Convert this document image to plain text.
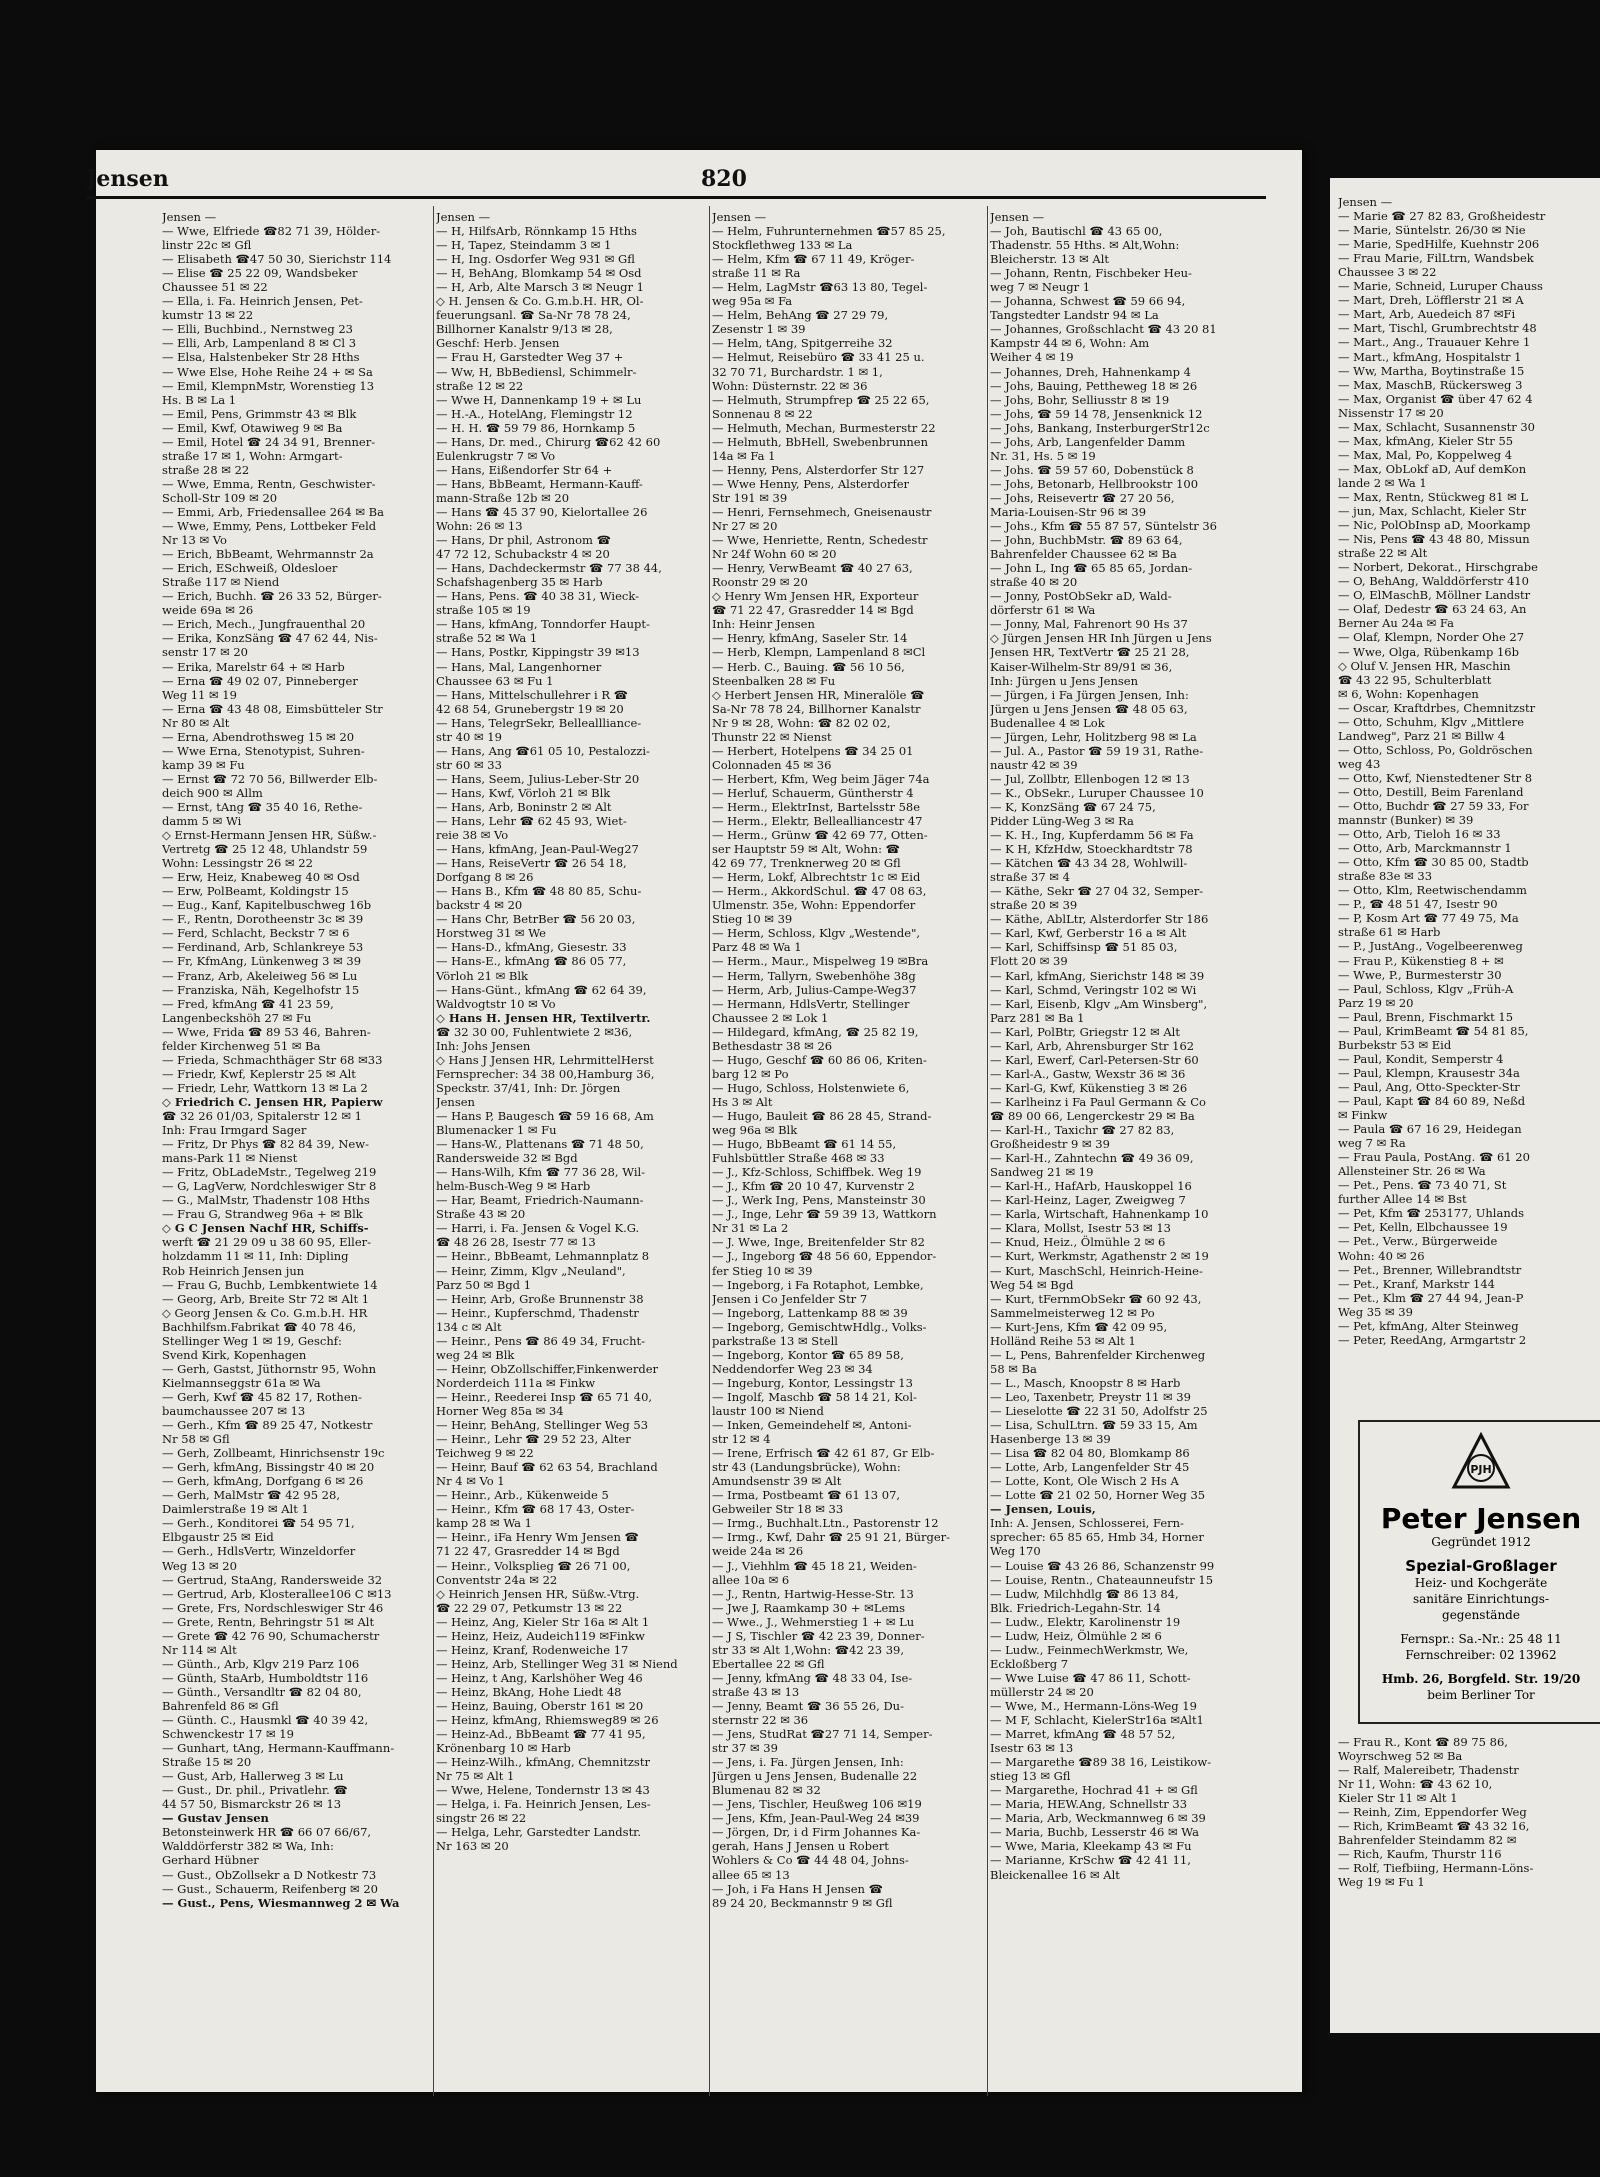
Jensen	820
Jensen —
— Wwe, Elfriede ☎82 71 39, Hölder-
linstr 22c ✉ Gfl
— Elisabeth ☎47 50 30, Sierichstr 114
— Elise ☎ 25 22 09, Wandsbeker
Chaussee 51 ✉ 22
— Ella, i. Fa. Heinrich Jensen, Pet-
kumstr 13 ✉ 22
— Elli, Buchbind., Nernstweg 23
— Elli, Arb, Lampenland 8 ✉ Cl 3
— Elsa, Halstenbeker Str 28 Hths
— Wwe Else, Hohe Reihe 24 + ✉ Sa
— Emil, KlempnMstr, Worenstieg 13
Hs. B ✉ La 1
— Emil, Pens, Grimmstr 43 ✉ Blk
— Emil, Kwf, Otawiweg 9 ✉ Ba
— Emil, Hotel ☎ 24 34 91, Brenner-
straße 17 ✉ 1, Wohn: Armgart-
straße 28 ✉ 22
— Wwe, Emma, Rentn, Geschwister-
Scholl-Str 109 ✉ 20
— Emmi, Arb, Friedensallee 264 ✉ Ba
— Wwe, Emmy, Pens, Lottbeker Feld
Nr 13 ✉ Vo
— Erich, BbBeamt, Wehrmannstr 2a
— Erich, ESchweiß, Oldesloer
Straße 117 ✉ Niend
— Erich, Buchh. ☎ 26 33 52, Bürger-
weide 69a ✉ 26
— Erich, Mech., Jungfrauenthal 20
— Erika, KonzSäng ☎ 47 62 44, Nis-
senstr 17 ✉ 20
— Erika, Marelstr 64 + ✉ Harb
— Erna ☎ 49 02 07, Pinneberger
Weg 11 ✉ 19
— Erna ☎ 43 48 08, Eimsbütteler Str
Nr 80 ✉ Alt
— Erna, Abendrothsweg 15 ✉ 20
— Wwe Erna, Stenotypist, Suhren-
kamp 39 ✉ Fu
— Ernst ☎ 72 70 56, Billwerder Elb-
deich 900 ✉ Allm
— Ernst, tAng ☎ 35 40 16, Rethe-
damm 5 ✉ Wi
◇ Ernst-Hermann Jensen HR, Süßw.-
Vertretg ☎ 25 12 48, Uhlandstr 59
Wohn: Lessingstr 26 ✉ 22
— Erw, Heiz, Knabeweg 40 ✉ Osd
— Erw, PolBeamt, Koldingstr 15
— Eug., Kanf, Kapitelbuschweg 16b
— F., Rentn, Dorotheenstr 3c ✉ 39
— Ferd, Schlacht, Beckstr 7 ✉ 6
— Ferdinand, Arb, Schlankreye 53
— Fr, KfmAng, Lünkenweg 3 ✉ 39
— Franz, Arb, Akeleiweg 56 ✉ Lu
— Franziska, Näh, Kegelhofstr 15
— Fred, kfmAng ☎ 41 23 59,
Langenbeckshöh 27 ✉ Fu
— Wwe, Frida ☎ 89 53 46, Bahren-
felder Kirchenweg 51 ✉ Ba
— Frieda, Schmachthäger Str 68 ✉33
— Friedr, Kwf, Keplerstr 25 ✉ Alt
— Friedr, Lehr, Wattkorn 13 ✉ La 2
◇ Friedrich C. Jensen HR, Papierw
☎ 32 26 01/03, Spitalerstr 12 ✉ 1
Inh: Frau Irmgard Sager
— Fritz, Dr Phys ☎ 82 84 39, New-
mans-Park 11 ✉ Nienst
— Fritz, ObLadeMstr., Tegelweg 219
— G, LagVerw, Nordchleswiger Str 8
— G., MalMstr, Thadenstr 108 Hths
— Frau G, Strandweg 96a + ✉ Blk
◇ G C Jensen Nachf HR, Schiffs-
werft ☎ 21 29 09 u 38 60 95, Eller-
holzdamm 11 ✉ 11, Inh: Dipling
Rob Heinrich Jensen jun
— Frau G, Buchb, Lembkentwiete 14
— Georg, Arb, Breite Str 72 ✉ Alt 1
◇ Georg Jensen & Co. G.m.b.H. HR
Bachhilfsm.Fabrikat ☎ 40 78 46,
Stellinger Weg 1 ✉ 19, Geschf:
Svend Kirk, Kopenhagen
— Gerh, Gastst, Jüthornstr 95, Wohn
Kielmannseggstr 61a ✉ Wa
— Gerh, Kwf ☎ 45 82 17, Rothen-
baumchaussee 207 ✉ 13
— Gerh., Kfm ☎ 89 25 47, Notkestr
Nr 58 ✉ Gfl
— Gerh, Zollbeamt, Hinrichsenstr 19c
— Gerh, kfmAng, Bissingstr 40 ✉ 20
— Gerh, kfmAng, Dorfgang 6 ✉ 26
— Gerh, MalMstr ☎ 42 95 28,
Daimlerstraße 19 ✉ Alt 1
— Gerh., Konditorei ☎ 54 95 71,
Elbgaustr 25 ✉ Eid
— Gerh., HdlsVertr, Winzeldorfer
Weg 13 ✉ 20
— Gertrud, StaAng, Randersweide 32
— Gertrud, Arb, Klosterallee106 C ✉13
— Grete, Frs, Nordschleswiger Str 46
— Grete, Rentn, Behringstr 51 ✉ Alt
— Grete ☎ 42 76 90, Schumacherstr
Nr 114 ✉ Alt
— Günth., Arb, Klgv 219 Parz 106
— Günth, StaArb, Humboldtstr 116
— Günth., Versandltr ☎ 82 04 80,
Bahrenfeld 86 ✉ Gfl
— Günth. C., Hausmkl ☎ 40 39 42,
Schwenckestr 17 ✉ 19
— Gunhart, tAng, Hermann-Kauffmann-
Straße 15 ✉ 20
— Gust, Arb, Hallerweg 3 ✉ Lu
— Gust., Dr. phil., Privatlehr. ☎
44 57 50, Bismarckstr 26 ✉ 13
— Gustav Jensen
Betonsteinwerk HR ☎ 66 07 66/67,
Walddörferstr 382 ✉ Wa, Inh:
Gerhard Hübner
— Gust., ObZollsekr a D Notkestr 73
— Gust., Schauerm, Reifenberg ✉ 20
— Gust., Pens, Wiesmannweg 2 ✉ Wa
Jensen —
— H, HilfsArb, Rönnkamp 15 Hths
— H, Tapez, Steindamm 3 ✉ 1
— H, Ing. Osdorfer Weg 931 ✉ Gfl
— H, BehAng, Blomkamp 54 ✉ Osd
— H, Arb, Alte Marsch 3 ✉ Neugr 1
◇ H. Jensen & Co. G.m.b.H. HR, Ol-
feuerungsanl. ☎ Sa-Nr 78 78 24,
Billhorner Kanalstr 9/13 ✉ 28,
Geschf: Herb. Jensen
— Frau H, Garstedter Weg 37 +
— Ww, H, BbBediensl, Schimmelr-
straße 12 ✉ 22
— Wwe H, Dannenkamp 19 + ✉ Lu
— H.-A., HotelAng, Flemingstr 12
— H. H. ☎ 59 79 86, Hornkamp 5
— Hans, Dr. med., Chirurg ☎62 42 60
Eulenkrugstr 7 ✉ Vo
— Hans, Eißendorfer Str 64 +
— Hans, BbBeamt, Hermann-Kauff-
mann-Straße 12b ✉ 20
— Hans ☎ 45 37 90, Kielortallee 26
Wohn: 26 ✉ 13
— Hans, Dr phil, Astronom ☎
47 72 12, Schubackstr 4 ✉ 20
— Hans, Dachdeckermstr ☎ 77 38 44,
Schafshagenberg 35 ✉ Harb
— Hans, Pens. ☎ 40 38 31, Wieck-
straße 105 ✉ 19
— Hans, kfmAng, Tonndorfer Haupt-
straße 52 ✉ Wa 1
— Hans, Postkr, Kippingstr 39 ✉13
— Hans, Mal, Langenhorner
Chaussee 63 ✉ Fu 1
— Hans, Mittelschullehrer i R ☎
42 68 54, Grunebergstr 19 ✉ 20
— Hans, TelegrSekr, Belleallliance-
str 40 ✉ 19
— Hans, Ang ☎61 05 10, Pestalozzi-
str 60 ✉ 33
— Hans, Seem, Julius-Leber-Str 20
— Hans, Kwf, Vörloh 21 ✉ Blk
— Hans, Arb, Boninstr 2 ✉ Alt
— Hans, Lehr ☎ 62 45 93, Wiet-
reie 38 ✉ Vo
— Hans, kfmAng, Jean-Paul-Weg27
— Hans, ReiseVertr ☎ 26 54 18,
Dorfgang 8 ✉ 26
— Hans B., Kfm ☎ 48 80 85, Schu-
backstr 4 ✉ 20
— Hans Chr, BetrBer ☎ 56 20 03,
Horstweg 31 ✉ We
— Hans-D., kfmAng, Giesestr. 33
— Hans-E., kfmAng ☎ 86 05 77,
Vörloh 21 ✉ Blk
— Hans-Günt., kfmAng ☎ 62 64 39,
Waldvogtstr 10 ✉ Vo
◇ Hans H. Jensen HR, Textilvertr.
☎ 32 30 00, Fuhlentwiete 2 ✉36,
Inh: Johs Jensen
◇ Hans J Jensen HR, LehrmittelHerst
Fernsprecher: 34 38 00,Hamburg 36,
Speckstr. 37/41, Inh: Dr. Jörgen
Jensen
— Hans P, Baugesch ☎ 59 16 68, Am
Blumenacker 1 ✉ Fu
— Hans-W., Plattenans ☎ 71 48 50,
Randersweide 32 ✉ Bgd
— Hans-Wilh, Kfm ☎ 77 36 28, Wil-
helm-Busch-Weg 9 ✉ Harb
— Har, Beamt, Friedrich-Naumann-
Straße 43 ✉ 20
— Harri, i. Fa. Jensen & Vogel K.G.
☎ 48 26 28, Isestr 77 ✉ 13
— Heinr., BbBeamt, Lehmannplatz 8
— Heinr, Zimm, Klgv „Neuland",
Parz 50 ✉ Bgd 1
— Heinr, Arb, Große Brunnenstr 38
— Heinr., Kupferschmd, Thadenstr
134 c ✉ Alt
— Heinr., Pens ☎ 86 49 34, Frucht-
weg 24 ✉ Blk
— Heinr, ObZollschiffer,Finkenwerder
Norderdeich 111a ✉ Finkw
— Heinr., Reederei Insp ☎ 65 71 40,
Horner Weg 85a ✉ 34
— Heinr, BehAng, Stellinger Weg 53
— Heinr., Lehr ☎ 29 52 23, Alter
Teichweg 9 ✉ 22
— Heinr, Bauf ☎ 62 63 54, Brachland
Nr 4 ✉ Vo 1
— Heinr., Arb., Kükenweide 5
— Heinr., Kfm ☎ 68 17 43, Oster-
kamp 28 ✉ Wa 1
— Heinr., iFa Henry Wm Jensen ☎
71 22 47, Grasredder 14 ✉ Bgd
— Heinr., Volksplieg ☎ 26 71 00,
Conventstr 24a ✉ 22
◇ Heinrich Jensen HR, Süßw.-Vtrg.
☎ 22 29 07, Petkumstr 13 ✉ 22
— Heinz, Ang, Kieler Str 16a ✉ Alt 1
— Heinz, Heiz, Audeich119 ✉Finkw
— Heinz, Kranf, Rodenweiche 17
— Heinz, Arb, Stellinger Weg 31 ✉ Niend
— Heinz, t Ang, Karlshöher Weg 46
— Heinz, BkAng, Hohe Liedt 48
— Heinz, Bauing, Oberstr 161 ✉ 20
— Heinz, kfmAng, Rhiemsweg89 ✉ 26
— Heinz-Ad., BbBeamt ☎ 77 41 95,
Krönenbarg 10 ✉ Harb
— Heinz-Wilh., kfmAng, Chemnitzstr
Nr 75 ✉ Alt 1
— Wwe, Helene, Tondernstr 13 ✉ 43
— Helga, i. Fa. Heinrich Jensen, Les-
singstr 26 ✉ 22
— Helga, Lehr, Garstedter Landstr.
Nr 163 ✉ 20
Jensen —
— Helm, Fuhrunternehmen ☎57 85 25,
Stockflethweg 133 ✉ La
— Helm, Kfm ☎ 67 11 49, Kröger-
straße 11 ✉ Ra
— Helm, LagMstr ☎63 13 80, Tegel-
weg 95a ✉ Fa
— Helm, BehAng ☎ 27 29 79,
Zesenstr 1 ✉ 39
— Helm, tAng, Spitgerreihe 32
— Helmut, Reisebüro ☎ 33 41 25 u.
32 70 71, Burchardstr. 1 ✉ 1,
Wohn: Düsternstr. 22 ✉ 36
— Helmuth, Strumpfrep ☎ 25 22 65,
Sonnenau 8 ✉ 22
— Helmuth, Mechan, Burmesterstr 22
— Helmuth, BbHell, Swebenbrunnen
14a ✉ Fa 1
— Henny, Pens, Alsterdorfer Str 127
— Wwe Henny, Pens, Alsterdorfer
Str 191 ✉ 39
— Henri, Fernsehmech, Gneisenaustr
Nr 27 ✉ 20
— Wwe, Henriette, Rentn, Schedestr
Nr 24f Wohn 60 ✉ 20
— Henry, VerwBeamt ☎ 40 27 63,
Roonstr 29 ✉ 20
◇ Henry Wm Jensen HR, Exporteur
☎ 71 22 47, Grasredder 14 ✉ Bgd
Inh: Heinr Jensen
— Henry, kfmAng, Saseler Str. 14
— Herb, Klempn, Lampenland 8 ✉Cl
— Herb. C., Bauing. ☎ 56 10 56,
Steenbalken 28 ✉ Fu
◇ Herbert Jensen HR, Mineralöle ☎
Sa-Nr 78 78 24, Billhorner Kanalstr
Nr 9 ✉ 28, Wohn: ☎ 82 02 02,
Thunstr 22 ✉ Nienst
— Herbert, Hotelpens ☎ 34 25 01
Colonnaden 45 ✉ 36
— Herbert, Kfm, Weg beim Jäger 74a
— Herluf, Schauerm, Güntherstr 4
— Herm., ElektrInst, Bartelsstr 58e
— Herm., Elektr, Bellealliancestr 47
— Herm., Grünw ☎ 42 69 77, Otten-
ser Hauptstr 59 ✉ Alt, Wohn: ☎
42 69 77, Trenknerweg 20 ✉ Gfl
— Herm, Lokf, Albrechtstr 1c ✉ Eid
— Herm., AkkordSchul. ☎ 47 08 63,
Ulmenstr. 35e, Wohn: Eppendorfer
Stieg 10 ✉ 39
— Herm, Schloss, Klgv „Westende",
Parz 48 ✉ Wa 1
— Herm., Maur., Mispelweg 19 ✉Bra
— Herm, Tallyrn, Swebenhöhe 38g
— Herm, Arb, Julius-Campe-Weg37
— Hermann, HdlsVertr, Stellinger
Chaussee 2 ✉ Lok 1
— Hildegard, kfmAng, ☎ 25 82 19,
Bethesdastr 38 ✉ 26
— Hugo, Geschf ☎ 60 86 06, Kriten-
barg 12 ✉ Po
— Hugo, Schloss, Holstenwiete 6,
Hs 3 ✉ Alt
— Hugo, Bauleit ☎ 86 28 45, Strand-
weg 96a ✉ Blk
— Hugo, BbBeamt ☎ 61 14 55,
Fuhlsbüttler Straße 468 ✉ 33
— J., Kfz-Schloss, Schiffbek. Weg 19
— J., Kfm ☎ 20 10 47, Kurvenstr 2
— J., Werk Ing, Pens, Mansteinstr 30
— J., Inge, Lehr ☎ 59 39 13, Wattkorn
Nr 31 ✉ La 2
— J. Wwe, Inge, Breitenfelder Str 82
— J., Ingeborg ☎ 48 56 60, Eppendor-
fer Stieg 10 ✉ 39
— Ingeborg, i Fa Rotaphot, Lembke,
Jensen i Co Jenfelder Str 7
— Ingeborg, Lattenkamp 88 ✉ 39
— Ingeborg, GemischtwHdlg., Volks-
parkstraße 13 ✉ Stell
— Ingeborg, Kontor ☎ 65 89 58,
Neddendorfer Weg 23 ✉ 34
— Ingeburg, Kontor, Lessingstr 13
— Ingolf, Maschb ☎ 58 14 21, Kol-
laustr 100 ✉ Niend
— Inken, Gemeindehelf ✉, Antoni-
str 12 ✉ 4
— Irene, Erfrisch ☎ 42 61 87, Gr Elb-
str 43 (Landungsbrücke), Wohn:
Amundsenstr 39 ✉ Alt
— Irma, Postbeamt ☎ 61 13 07,
Gebweiler Str 18 ✉ 33
— Irmg., Buchhalt.Ltn., Pastorenstr 12
— Irmg., Kwf, Dahr ☎ 25 91 21, Bürger-
weide 24a ✉ 26
— J., Viehhlm ☎ 45 18 21, Weiden-
allee 10a ✉ 6
— J., Rentn, Hartwig-Hesse-Str. 13
— Jwe J, Raamkamp 30 + ✉Lems
— Wwe., J., Wehmerstieg 1 + ✉ Lu
— J S, Tischler ☎ 42 23 39, Donner-
str 33 ✉ Alt 1,Wohn: ☎42 23 39,
Ebertallee 22 ✉ Gfl
— Jenny, kfmAng ☎ 48 33 04, Ise-
straße 43 ✉ 13
— Jenny, Beamt ☎ 36 55 26, Du-
sternstr 22 ✉ 36
— Jens, StudRat ☎27 71 14, Semper-
str 37 ✉ 39
— Jens, i. Fa. Jürgen Jensen, Inh:
Jürgen u Jens Jensen, Budenalle 22
Blumenau 82 ✉ 32
— Jens, Tischler, Heußweg 106 ✉19
— Jens, Kfm, Jean-Paul-Weg 24 ✉39
— Jörgen, Dr, i d Firm Johannes Ka-
gerah, Hans J Jensen u Robert
Wohlers & Co ☎ 44 48 04, Johns-
allee 65 ✉ 13
— Joh, i Fa Hans H Jensen ☎
89 24 20, Beckmannstr 9 ✉ Gfl
Jensen —
— Joh, Bautischl ☎ 43 65 00,
Thadenstr. 55 Hths. ✉ Alt,Wohn:
Bleicherstr. 13 ✉ Alt
— Johann, Rentn, Fischbeker Heu-
weg 7 ✉ Neugr 1
— Johanna, Schwest ☎ 59 66 94,
Tangstedter Landstr 94 ✉ La
— Johannes, Großschlacht ☎ 43 20 81
Kampstr 44 ✉ 6, Wohn: Am
Weiher 4 ✉ 19
— Johannes, Dreh, Hahnenkamp 4
— Johs, Bauing, Pettheweg 18 ✉ 26
— Johs, Bohr, Selliusstr 8 ✉ 19
— Johs, ☎ 59 14 78, Jensenknick 12
— Johs, Bankang, InsterburgerStr12c
— Johs, Arb, Langenfelder Damm
Nr. 31, Hs. 5 ✉ 19
— Johs. ☎ 59 57 60, Dobenstück 8
— Johs, Betonarb, Hellbrookstr 100
— Johs, Reisevertr ☎ 27 20 56,
Maria-Louisen-Str 96 ✉ 39
— Johs., Kfm ☎ 55 87 57, Süntelstr 36
— John, BuchbMstr. ☎ 89 63 64,
Bahrenfelder Chaussee 62 ✉ Ba
— John L, Ing ☎ 65 85 65, Jordan-
straße 40 ✉ 20
— Jonny, PostObSekr aD, Wald-
dörferstr 61 ✉ Wa
— Jonny, Mal, Fahrenort 90 Hs 37
◇ Jürgen Jensen HR Inh Jürgen u Jens
Jensen HR, TextVertr ☎ 25 21 28,
Kaiser-Wilhelm-Str 89/91 ✉ 36,
Inh: Jürgen u Jens Jensen
— Jürgen, i Fa Jürgen Jensen, Inh:
Jürgen u Jens Jensen ☎ 48 05 63,
Budenallee 4 ✉ Lok
— Jürgen, Lehr, Holitzberg 98 ✉ La
— Jul. A., Pastor ☎ 59 19 31, Rathe-
naustr 42 ✉ 39
— Jul, Zollbtr, Ellenbogen 12 ✉ 13
— K., ObSekr., Luruper Chaussee 10
— K, KonzSäng ☎ 67 24 75,
Pidder Lüng-Weg 3 ✉ Ra
— K. H., Ing, Kupferdamm 56 ✉ Fa
— K H, KfzHdw, Stoeckhardtstr 78
— Kätchen ☎ 43 34 28, Wohlwill-
straße 37 ✉ 4
— Käthe, Sekr ☎ 27 04 32, Semper-
straße 20 ✉ 39
— Käthe, AblLtr, Alsterdorfer Str 186
— Karl, Kwf, Gerberstr 16 a ✉ Alt
— Karl, Schiffsinsp ☎ 51 85 03,
Flott 20 ✉ 39
— Karl, kfmAng, Sierichstr 148 ✉ 39
— Karl, Schmd, Veringstr 102 ✉ Wi
— Karl, Eisenb, Klgv „Am Winsberg",
Parz 281 ✉ Ba 1
— Karl, PolBtr, Griegstr 12 ✉ Alt
— Karl, Arb, Ahrensburger Str 162
— Karl, Ewerf, Carl-Petersen-Str 60
— Karl-A., Gastw, Wexstr 36 ✉ 36
— Karl-G, Kwf, Kükenstieg 3 ✉ 26
— Karlheinz i Fa Paul Germann & Co
☎ 89 00 66, Lengerckestr 29 ✉ Ba
— Karl-H., Taxichr ☎ 27 82 83,
Großheidestr 9 ✉ 39
— Karl-H., Zahntechn ☎ 49 36 09,
Sandweg 21 ✉ 19
— Karl-H., HafArb, Hauskoppel 16
— Karl-Heinz, Lager, Zweigweg 7
— Karla, Wirtschaft, Hahnenkamp 10
— Klara, Mollst, Isestr 53 ✉ 13
— Knud, Heiz., Ölmühle 2 ✉ 6
— Kurt, Werkmstr, Agathenstr 2 ✉ 19
— Kurt, MaschSchl, Heinrich-Heine-
Weg 54 ✉ Bgd
— Kurt, tFernmObSekr ☎ 60 92 43,
Sammelmeisterweg 12 ✉ Po
— Kurt-Jens, Kfm ☎ 42 09 95,
Holländ Reihe 53 ✉ Alt 1
— L, Pens, Bahrenfelder Kirchenweg
58 ✉ Ba
— L., Masch, Knoopstr 8 ✉ Harb
— Leo, Taxenbetr, Preystr 11 ✉ 39
— Lieselotte ☎ 22 31 50, Adolfstr 25
— Lisa, SchulLtrn. ☎ 59 33 15, Am
Hasenberge 13 ✉ 39
— Lisa ☎ 82 04 80, Blomkamp 86
— Lotte, Arb, Langenfelder Str 45
— Lotte, Kont, Ole Wisch 2 Hs A
— Lotte ☎ 21 02 50, Horner Weg 35
— Jensen, Louis,
Inh: A. Jensen, Schlosserei, Fern-
sprecher: 65 85 65, Hmb 34, Horner
Weg 170
— Louise ☎ 43 26 86, Schanzenstr 99
— Louise, Rentn., Chateaunneufstr 15
— Ludw, Milchhdlg ☎ 86 13 84,
Blk. Friedrich-Legahn-Str. 14
— Ludw., Elektr, Karolinenstr 19
— Ludw, Heiz, Ölmühle 2 ✉ 6
— Ludw., FeinmechWerkmstr, We,
Eckloßberg 7
— Wwe Luise ☎ 47 86 11, Schott-
müllerstr 24 ✉ 20
— Wwe, M., Hermann-Löns-Weg 19
— M F, Schlacht, KielerStr16a ✉Alt1
— Marret, kfmAng ☎ 48 57 52,
Isestr 63 ✉ 13
— Margarethe ☎89 38 16, Leistikow-
stieg 13 ✉ Gfl
— Margarethe, Hochrad 41 + ✉ Gfl
— Maria, HEW.Ang, Schnellstr 33
— Maria, Arb, Weckmannweg 6 ✉ 39
— Maria, Buchb, Lesserstr 46 ✉ Wa
— Wwe, Maria, Kleekamp 43 ✉ Fu
— Marianne, KrSchw ☎ 42 41 11,
Bleickenallee 16 ✉ Alt
Jensen —
— Marie ☎ 27 82 83, Großheidestr
— Marie, Süntelstr. 26/30 ✉ Nie
— Marie, SpedHilfe, Kuehnstr 206
— Frau Marie, FilLtrn, Wandsbek
Chaussee 3 ✉ 22
— Marie, Schneid, Luruper Chauss
— Mart, Dreh, Löfflerstr 21 ✉ A
— Mart, Arb, Auedeich 87 ✉Fi
— Mart, Tischl, Grumbrechtstr 48
— Mart., Ang., Trauauer Kehre 1
— Mart., kfmAng, Hospitalstr 1
— Ww, Martha, Boytinstraße 15
— Max, MaschB, Rückersweg 3
— Max, Organist ☎ über 47 62 4
Nissenstr 17 ✉ 20
— Max, Schlacht, Susannenstr 30
— Max, kfmAng, Kieler Str 55
— Max, Mal, Po, Koppelweg 4
— Max, ObLokf aD, Auf demKon
lande 2 ✉ Wa 1
— Max, Rentn, Stückweg 81 ✉ L
— jun, Max, Schlacht, Kieler Str
— Nic, PolObInsp aD, Moorkamp
— Nis, Pens ☎ 43 48 80, Missun
straße 22 ✉ Alt
— Norbert, Dekorat., Hirschgrabe
— O, BehAng, Walddörferstr 410
— O, ElMaschB, Möllner Landstr
— Olaf, Dedestr ☎ 63 24 63, An
Berner Au 24a ✉ Fa
— Olaf, Klempn, Norder Ohe 27
— Wwe, Olga, Rübenkamp 16b
◇ Oluf V. Jensen HR, Maschin
☎ 43 22 95, Schulterblatt
✉ 6, Wohn: Kopenhagen
— Oscar, Kraftdrbes, Chemnitzstr
— Otto, Schuhm, Klgv „Mittlere
Landweg", Parz 21 ✉ Billw 4
— Otto, Schloss, Po, Goldröschen
weg 43
— Otto, Kwf, Nienstedtener Str 8
— Otto, Destill, Beim Farenland
— Otto, Buchdr ☎ 27 59 33, For
mannstr (Bunker) ✉ 39
— Otto, Arb, Tieloh 16 ✉ 33
— Otto, Arb, Marckmannstr 1
— Otto, Kfm ☎ 30 85 00, Stadtb
straße 83e ✉ 33
— Otto, Klm, Reetwischendamm
— P., ☎ 48 51 47, Isestr 90
— P, Kosm Art ☎ 77 49 75, Ma
straße 61 ✉ Harb
— P., JustAng., Vogelbeerenweg
— Frau P., Kükenstieg 8 + ✉
— Wwe, P., Burmesterstr 30
— Paul, Schloss, Klgv „Früh-A
Parz 19 ✉ 20
— Paul, Brenn, Fischmarkt 15
— Paul, KrimBeamt ☎ 54 81 85,
Burbekstr 53 ✉ Eid
— Paul, Kondit, Semperstr 4
— Paul, Klempn, Krausestr 34a
— Paul, Ang, Otto-Speckter-Str
— Paul, Kapt ☎ 84 60 89, Neßd
✉ Finkw
— Paula ☎ 67 16 29, Heidegan
weg 7 ✉ Ra
— Frau Paula, PostAng. ☎ 61 20
Allensteiner Str. 26 ✉ Wa
— Pet., Pens. ☎ 73 40 71, St
further Allee 14 ✉ Bst
— Pet, Kfm ☎ 253177, Uhlands
— Pet, Kelln, Elbchaussee 19
— Pet., Verw., Bürgerweide
Wohn: 40 ✉ 26
— Pet., Brenner, Willebrandtstr
— Pet., Kranf, Markstr 144
— Pet., Klm ☎ 27 44 94, Jean-P
Weg 35 ✉ 39
— Pet, kfmAng, Alter Steinweg
— Peter, ReedAng, Armgartstr 2
PJH
Peter Jensen
Gegründet 1912
Spezial-Großlager
Heiz- und Kochgeräte
sanitäre Einrichtungs-
gegenstände
Fernspr.: Sa.-Nr.: 25 48 11
Fernschreiber: 02 13962
Hmb. 26, Borgfeld. Str. 19/20
beim Berliner Tor
— Frau R., Kont ☎ 89 75 86,
Woyrschweg 52 ✉ Ba
— Ralf, Malereibetr, Thadenstr
Nr 11, Wohn: ☎ 43 62 10,
Kieler Str 11 ✉ Alt 1
— Reinh, Zim, Eppendorfer Weg
— Rich, KrimBeamt ☎ 43 32 16,
Bahrenfelder Steindamm 82 ✉
— Rich, Kaufm, Thurstr 116
— Rolf, Tiefbiing, Hermann-Löns-
Weg 19 ✉ Fu 1
